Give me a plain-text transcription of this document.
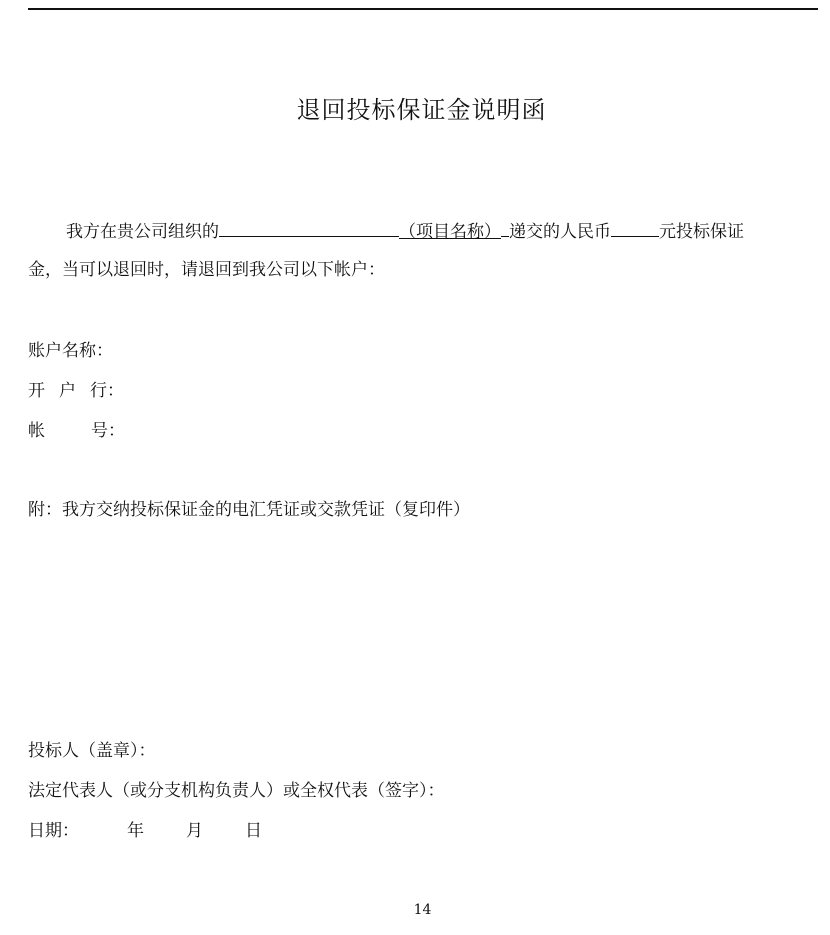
退回投标保证金说明函
我方在贵公司组织的	（项目名称） 递交的人民币	元投标保证
金，当可以退回时，请退回到我公司以下帐户：
账户名称：
开 户 行：
帐	号：
附：我方交纳投标保证金的电汇凭证或交款凭证（复印件）
投标人（盖章）：
法定代表人（或分支机构负责人）或全权代表（签字）：
日期：	年 月 日
14
